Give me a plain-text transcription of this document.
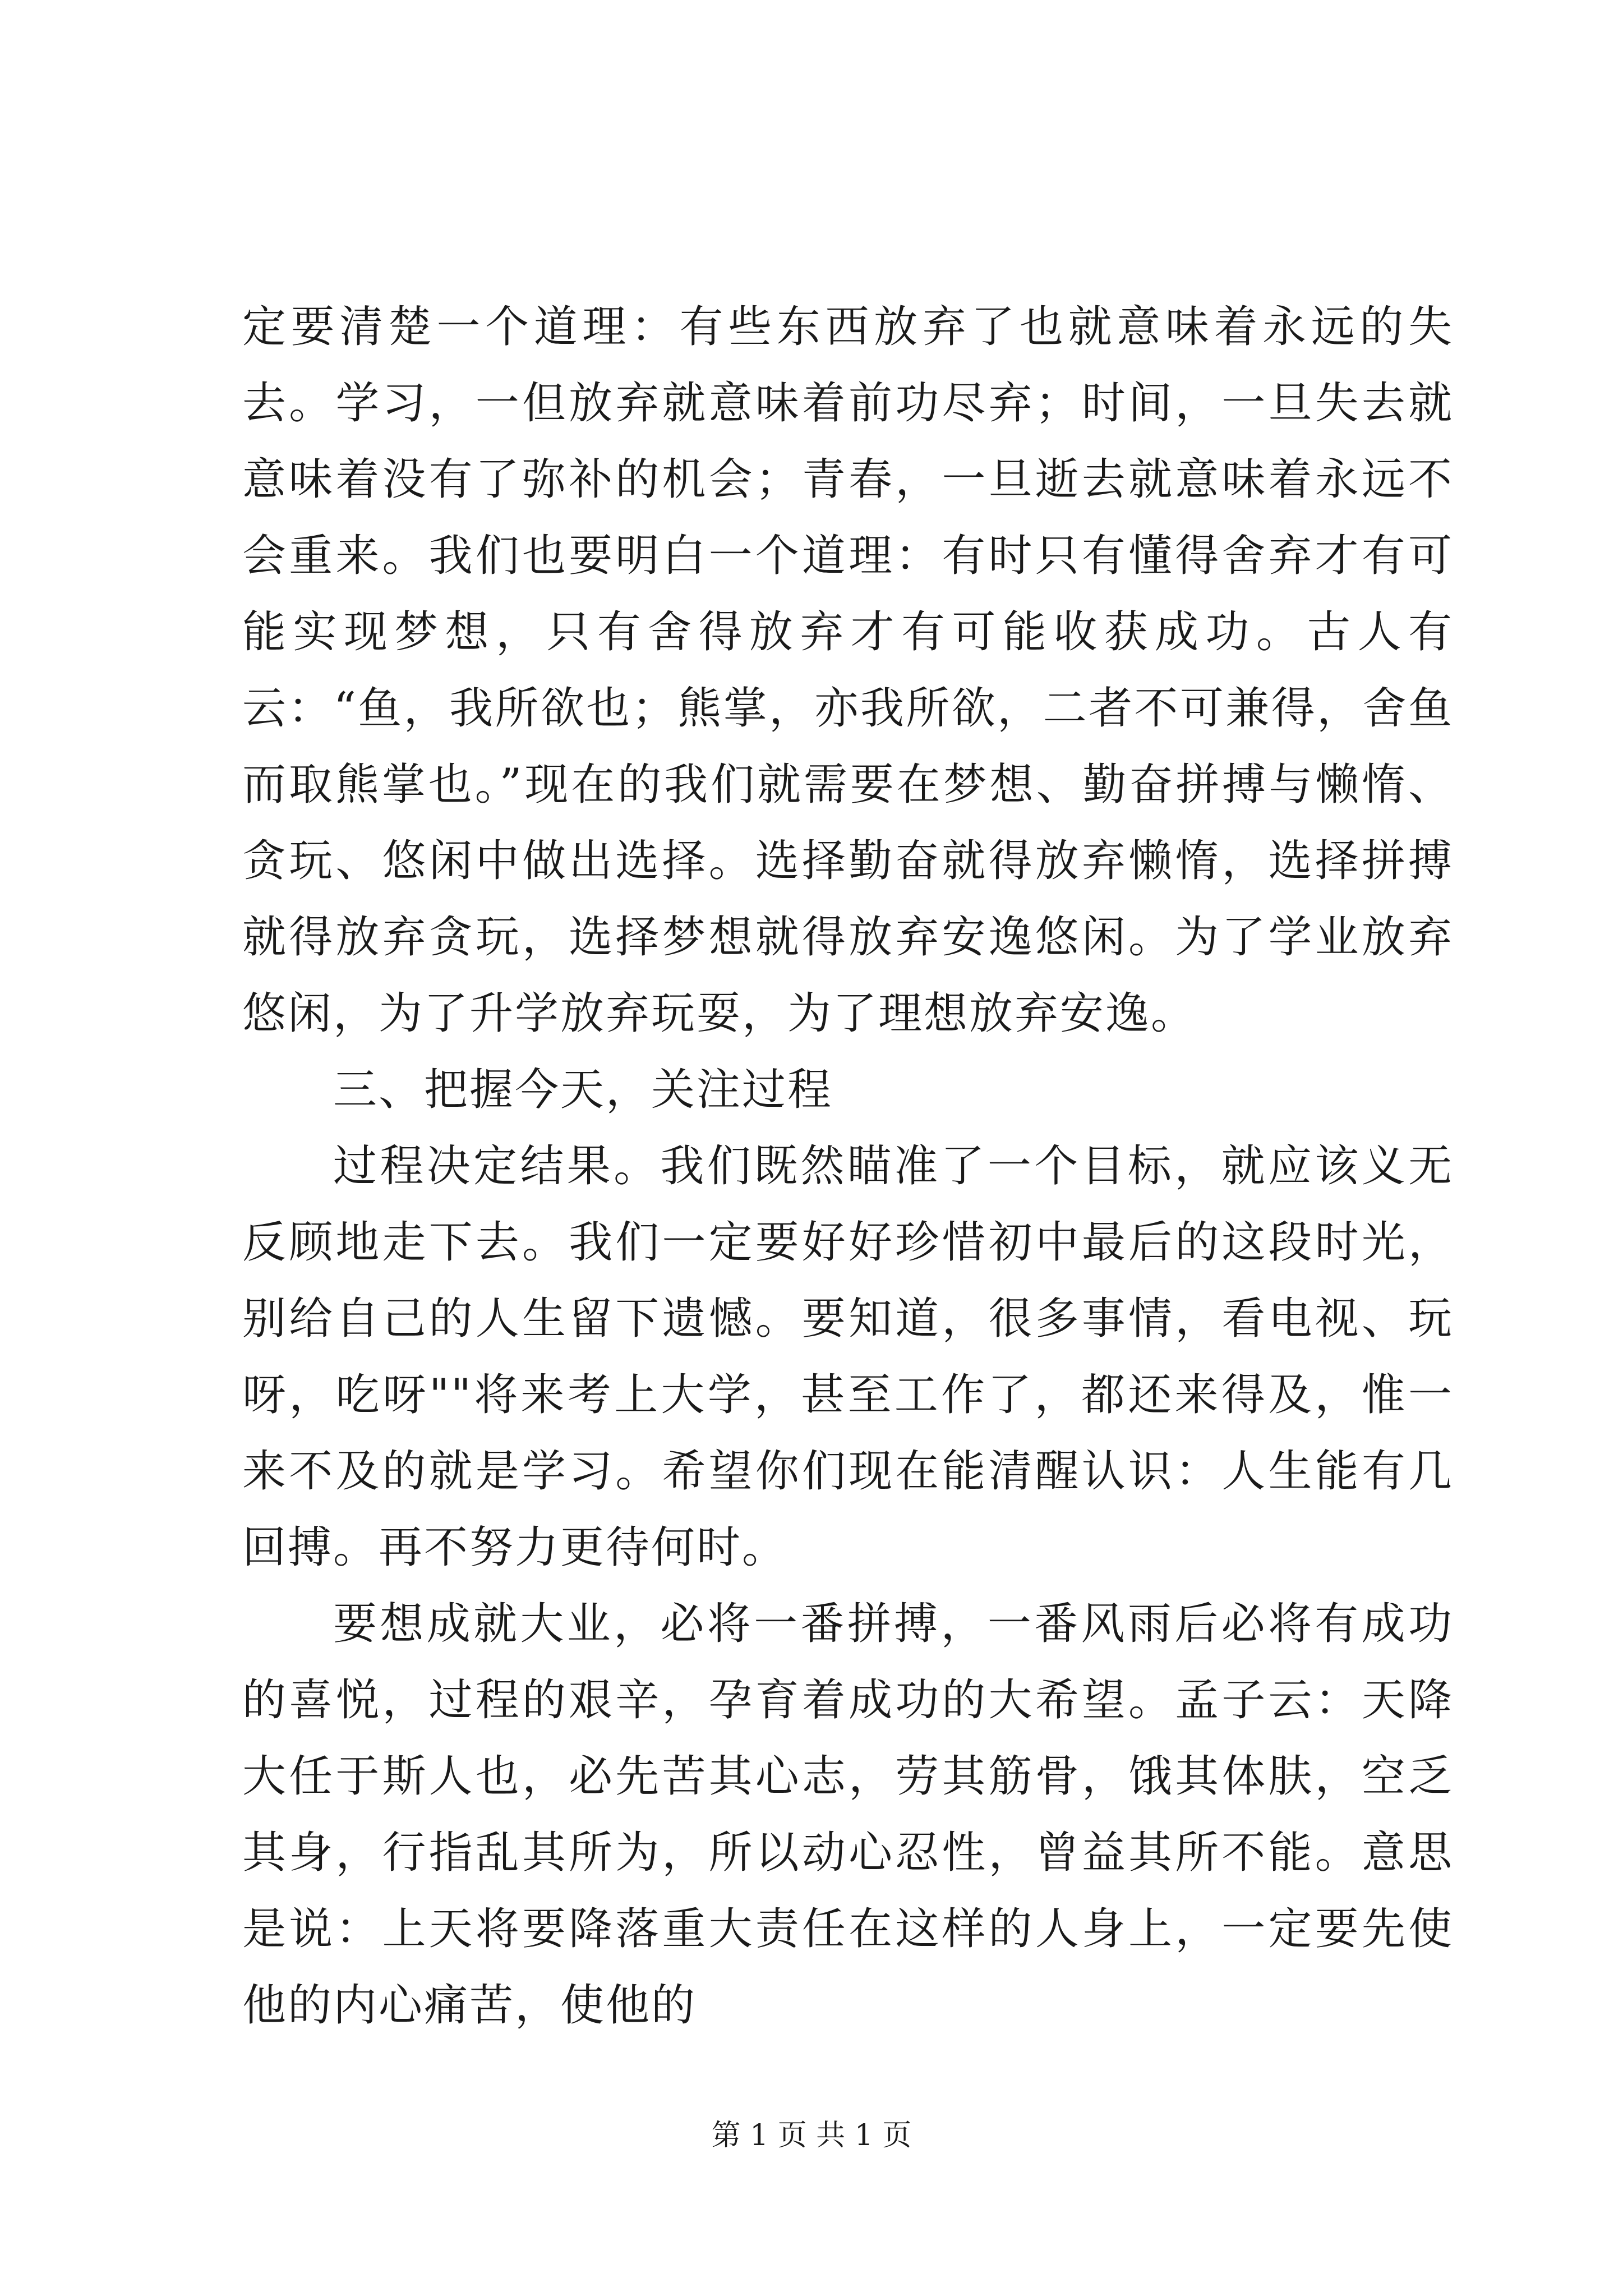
定要清楚一个道理：有些东西放弃了也就意味着永远的失去。学习，一但放弃就意味着前功尽弃；时间，一旦失去就意味着没有了弥补的机会；青春，一旦逝去就意味着永远不会重来。我们也要明白一个道理：有时只有懂得舍弃才有可能实现梦想，只有舍得放弃才有可能收获成功。古人有云：“鱼，我所欲也；熊掌，亦我所欲，二者不可兼得，舍鱼而取熊掌也。”现在的我们就需要在梦想、勤奋拼搏与懒惰、贪玩、悠闲中做出选择。选择勤奋就得放弃懒惰，选择拼搏就得放弃贪玩，选择梦想就得放弃安逸悠闲。为了学业放弃悠闲，为了升学放弃玩耍，为了理想放弃安逸。

三、把握今天，关注过程

过程决定结果。我们既然瞄准了一个目标，就应该义无反顾地走下去。我们一定要好好珍惜初中最后的这段时光，别给自己的人生留下遗憾。要知道，很多事情，看电视、玩呀，吃呀""将来考上大学，甚至工作了，都还来得及，惟一来不及的就是学习。希望你们现在能清醒认识：人生能有几回搏。再不努力更待何时。

要想成就大业，必将一番拼搏，一番风雨后必将有成功的喜悦，过程的艰辛，孕育着成功的大希望。孟子云：天降大任于斯人也，必先苦其心志，劳其筋骨，饿其体肤，空乏其身，行指乱其所为，所以动心忍性，曾益其所不能。意思是说：上天将要降落重大责任在这样的人身上，一定要先使他的内心痛苦，使他的

第 1 页 共 1 页
